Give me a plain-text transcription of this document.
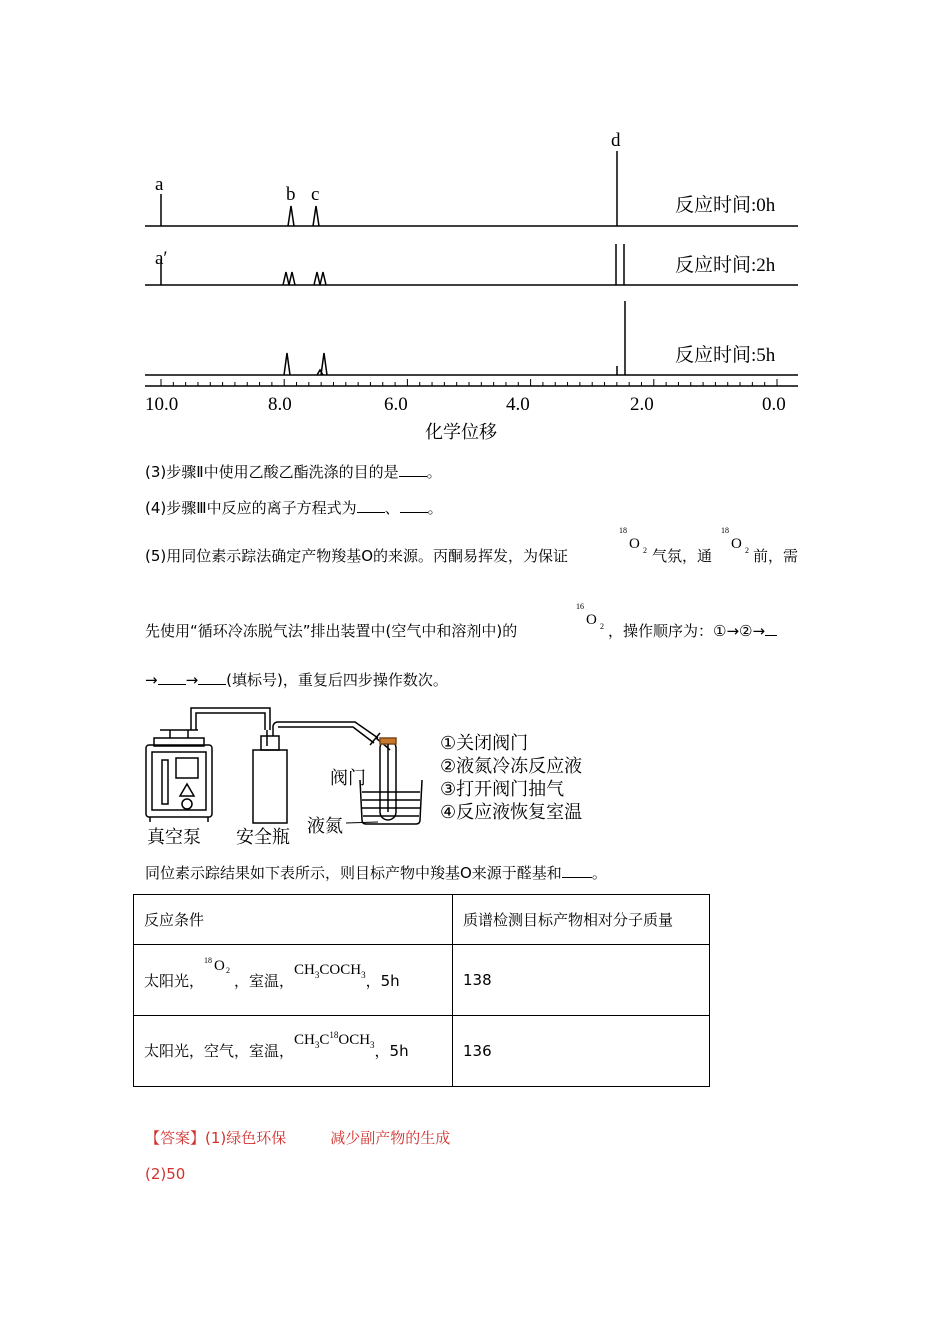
a	b c
d
a′
反应时间:0h
反应时间:2h
反应时间:5h
10.0	8.0	6.0	4.0	2.0	0.0
化学位移
(3)步骤Ⅱ中使用乙酸乙酯洗涤的目的是 。
(4)步骤Ⅲ中反应的离子方程式为 、 。
(5)用同位素示踪法确定产物羧基O的来源。丙酮易挥发，为保证
18
O 2 气氛，通
18
O 2 前，需
先使用“循环冷冻脱气法”排出装置中(空气中和溶剂中)的
16
O 2 ，操作顺序为：①→②→
→ → (填标号)，重复后四步操作数次。
真空泵 安全瓶
阀门
液氮
①关闭阀门
②液氮冷冻反应液
③打开阀门抽气
④反应液恢复室温
同位素示踪结果如下表所示，则目标产物中羧基O来源于醛基和 。
反应条件	质谱检测目标产物相对分子质量
太阳光，
18 O 2
，室温，$CH_3COCH_3$，5h	138
太阳光，空气，室温，$CH_3C^{18}OCH_3$，5h	136
【答案】(1)绿色环保	减少副产物的生成
(2)50
